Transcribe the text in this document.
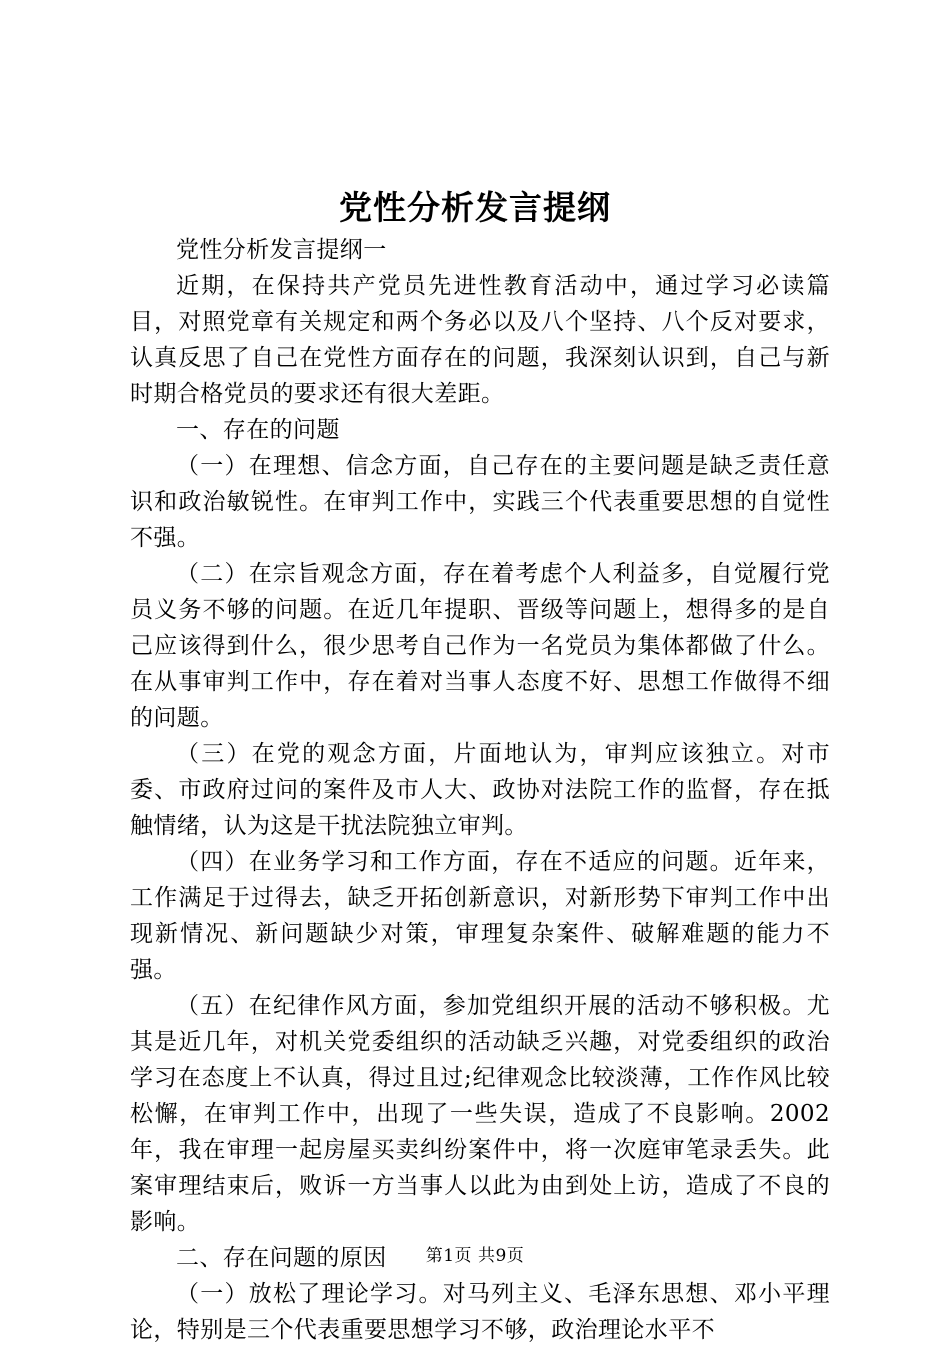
党性分析发言提纲

党性分析发言提纲一

近期，在保持共产党员先进性教育活动中，通过学习必读篇目，对照党章有关规定和两个务必以及八个坚持、八个反对要求，认真反思了自己在党性方面存在的问题，我深刻认识到，自己与新时期合格党员的要求还有很大差距。

一、存在的问题

（一）在理想、信念方面，自己存在的主要问题是缺乏责任意识和政治敏锐性。在审判工作中，实践三个代表重要思想的自觉性不强。

（二）在宗旨观念方面，存在着考虑个人利益多，自觉履行党员义务不够的问题。在近几年提职、晋级等问题上，想得多的是自己应该得到什么，很少思考自己作为一名党员为集体都做了什么。在从事审判工作中，存在着对当事人态度不好、思想工作做得不细的问题。

（三）在党的观念方面，片面地认为，审判应该独立。对市委、市政府过问的案件及市人大、政协对法院工作的监督，存在抵触情绪，认为这是干扰法院独立审判。

（四）在业务学习和工作方面，存在不适应的问题。近年来，工作满足于过得去，缺乏开拓创新意识，对新形势下审判工作中出现新情况、新问题缺少对策，审理复杂案件、破解难题的能力不强。

（五）在纪律作风方面，参加党组织开展的活动不够积极。尤其是近几年，对机关党委组织的活动缺乏兴趣，对党委组织的政治学习在态度上不认真，得过且过;纪律观念比较淡薄，工作作风比较松懈，在审判工作中，出现了一些失误，造成了不良影响。2002年，我在审理一起房屋买卖纠纷案件中，将一次庭审笔录丢失。此案审理结束后，败诉一方当事人以此为由到处上访，造成了不良的影响。

二、存在问题的原因

（一）放松了理论学习。对马列主义、毛泽东思想、邓小平理论，特别是三个代表重要思想学习不够，政治理论水平不

第1页 共9页
